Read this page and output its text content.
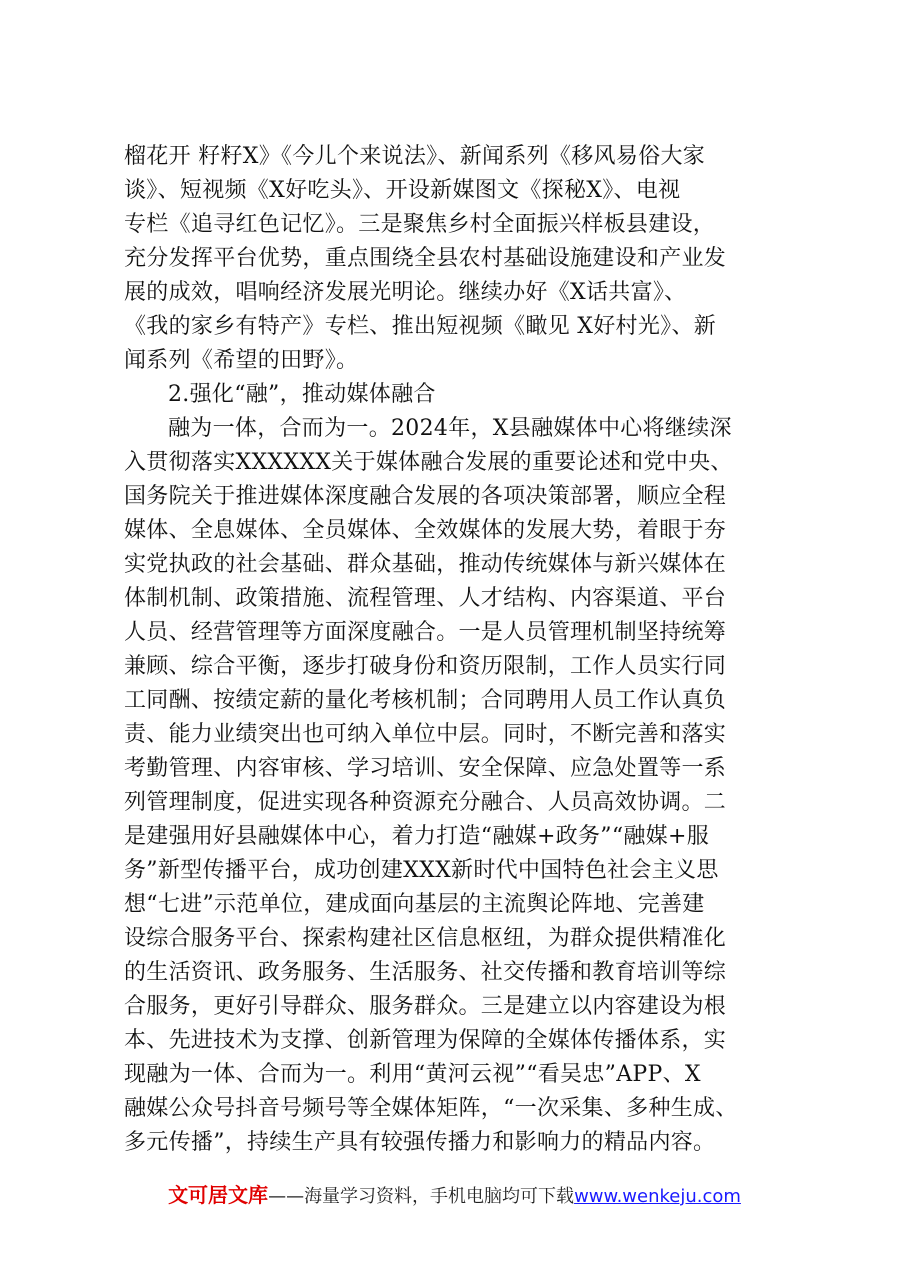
榴花开 籽籽X》《今儿个来说法》、新闻系列《移风易俗大家
谈》、短视频《X好吃头》、开设新媒图文《探秘X》、电视
专栏《追寻红色记忆》。三是聚焦乡村全面振兴样板县建设，
充分发挥平台优势，重点围绕全县农村基础设施建设和产业发
展的成效，唱响经济发展光明论。继续办好《X话共富》、
《我的家乡有特产》专栏、推出短视频《瞰见 X好村光》、新
闻系列《希望的田野》。
2.强化“融”，推动媒体融合
融为一体，合而为一。2024年，X县融媒体中心将继续深
入贯彻落实XXXXXX关于媒体融合发展的重要论述和党中央、
国务院关于推进媒体深度融合发展的各项决策部署，顺应全程
媒体、全息媒体、全员媒体、全效媒体的发展大势，着眼于夯
实党执政的社会基础、群众基础，推动传统媒体与新兴媒体在
体制机制、政策措施、流程管理、人才结构、内容渠道、平台
人员、经营管理等方面深度融合。一是人员管理机制坚持统筹
兼顾、综合平衡，逐步打破身份和资历限制，工作人员实行同
工同酬、按绩定薪的量化考核机制；合同聘用人员工作认真负
责、能力业绩突出也可纳入单位中层。同时，不断完善和落实
考勤管理、内容审核、学习培训、安全保障、应急处置等一系
列管理制度，促进实现各种资源充分融合、人员高效协调。二
是建强用好县融媒体中心，着力打造“融媒+政务”“融媒+服
务”新型传播平台，成功创建XXX新时代中国特色社会主义思
想“七进”示范单位，建成面向基层的主流舆论阵地、完善建
设综合服务平台、探索构建社区信息枢纽，为群众提供精准化
的生活资讯、政务服务、生活服务、社交传播和教育培训等综
合服务，更好引导群众、服务群众。三是建立以内容建设为根
本、先进技术为支撑、创新管理为保障的全媒体传播体系，实
现融为一体、合而为一。利用“黄河云视”“看吴忠”APP、X
融媒公众号抖音号频号等全媒体矩阵，“一次采集、多种生成、
多元传播”，持续生产具有较强传播力和影响力的精品内容。
文可居文库——海量学习资料，手机电脑均可下载www.wenkeju.com
